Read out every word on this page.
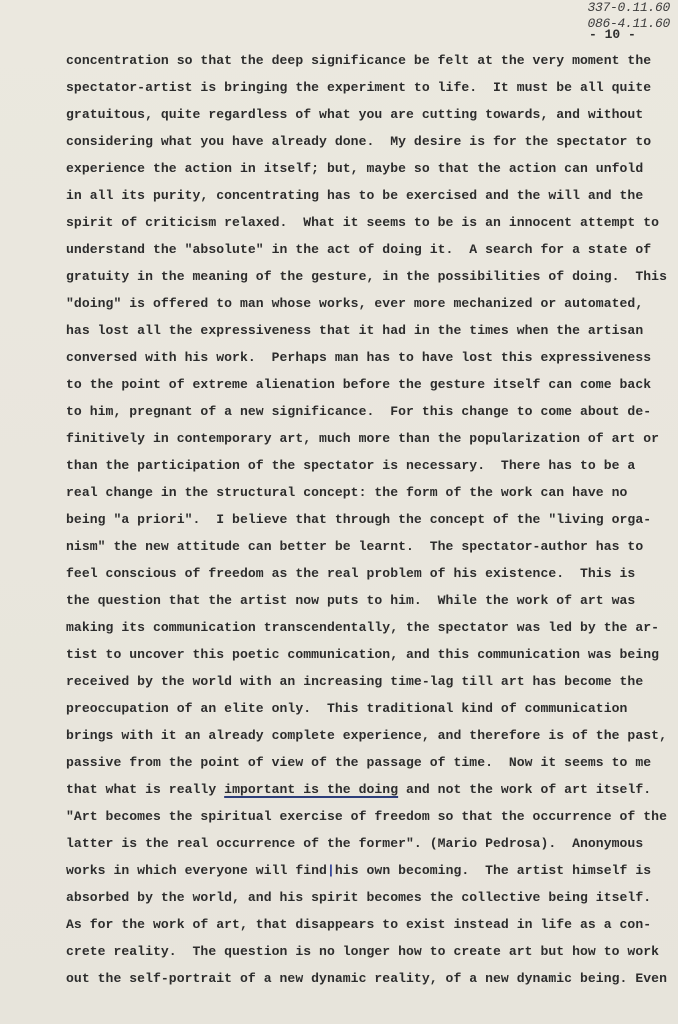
337-0.11.60
086-4.11.60
- 10 -
concentration so that the deep significance be felt at the very moment the
spectator-artist is bringing the experiment to life.  It must be all quite
gratuitous, quite regardless of what you are cutting towards, and without
considering what you have already done.  My desire is for the spectator to
experience the action in itself; but, maybe so that the action can unfold
in all its purity, concentrating has to be exercised and the will and the
spirit of criticism relaxed.  What it seems to be is an innocent attempt to
understand the "absolute" in the act of doing it.  A search for a state of
gratuity in the meaning of the gesture, in the possibilities of doing.  This
"doing" is offered to man whose works, ever more mechanized or automated,
has lost all the expressiveness that it had in the times when the artisan
conversed with his work.  Perhaps man has to have lost this expressiveness
to the point of extreme alienation before the gesture itself can come back
to him, pregnant of a new significance.  For this change to come about de-
finitively in contemporary art, much more than the popularization of art or
than the participation of the spectator is necessary.  There has to be a
real change in the structural concept: the form of the work can have no
being "a priori".  I believe that through the concept of the "living orga-
nism" the new attitude can better be learnt.  The spectator-author has to
feel conscious of freedom as the real problem of his existence.  This is
the question that the artist now puts to him.  While the work of art was
making its communication transcendentally, the spectator was led by the ar-
tist to uncover this poetic communication, and this communication was being
received by the world with an increasing time-lag till art has become the
preoccupation of an elite only.  This traditional kind of communication
brings with it an already complete experience, and therefore is of the past,
passive from the point of view of the passage of time.  Now it seems to me
that what is really important is the doing and not the work of art itself.
"Art becomes the spiritual exercise of freedom so that the occurrence of the
latter is the real occurrence of the former". (Mario Pedrosa).  Anonymous
works in which everyone will find|his own becoming.  The artist himself is
absorbed by the world, and his spirit becomes the collective being itself.
As for the work of art, that disappears to exist instead in life as a con-
crete reality.  The question is no longer how to create art but how to work
out the self-portrait of a new dynamic reality, of a new dynamic being. Even
